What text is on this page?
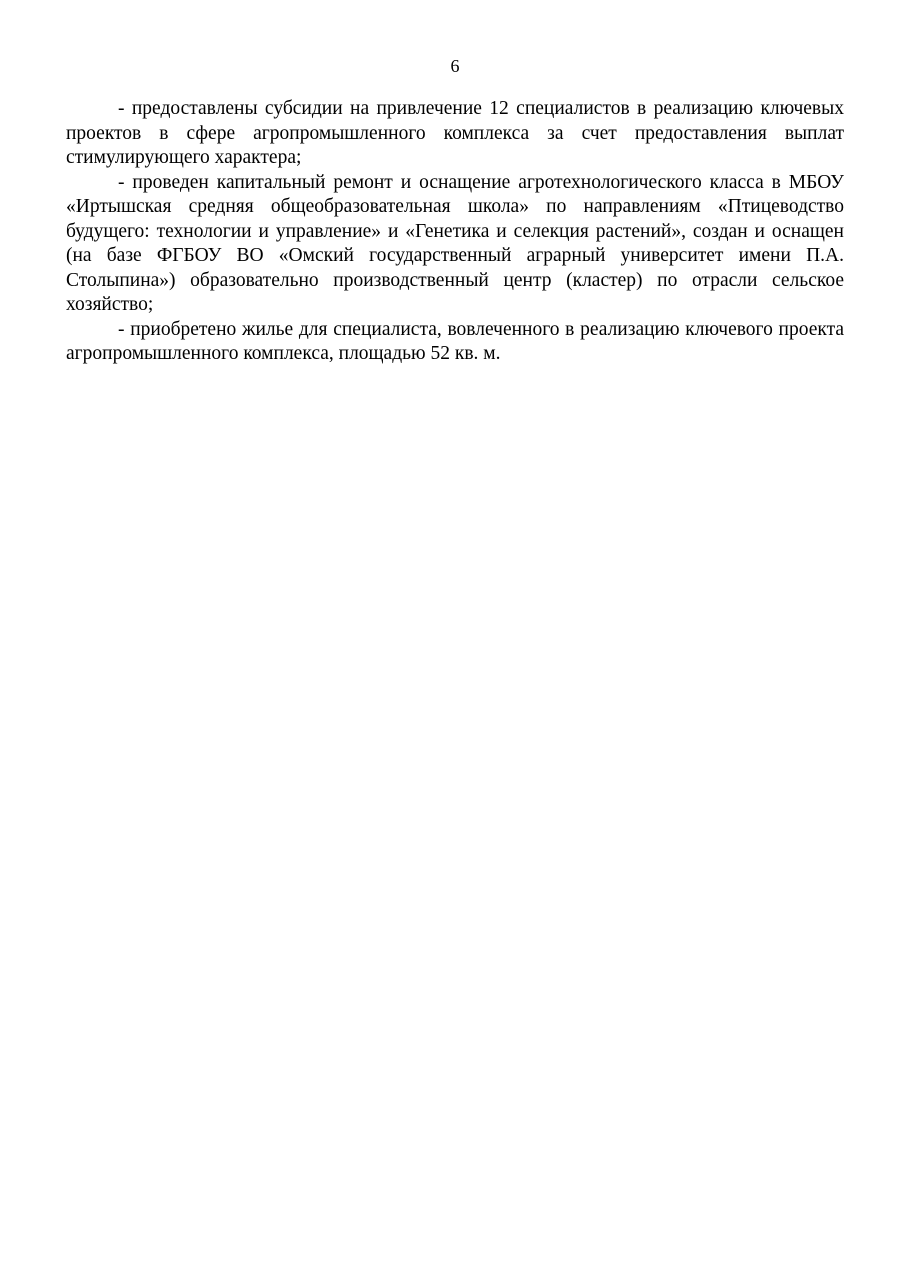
6

- предоставлены субсидии на привлечение 12 специалистов в реализацию ключевых проектов в сфере агропромышленного комплекса за счет предоставления выплат стимулирующего характера;

- проведен капитальный ремонт и оснащение агротехнологического класса в МБОУ «Иртышская средняя общеобразовательная школа» по направлениям «Птицеводство будущего: технологии и управление» и «Генетика и селекция растений», создан и оснащен (на базе ФГБОУ ВО «Омский государственный аграрный университет имени П.А. Столыпина») образовательно производственный центр (кластер) по отрасли сельское хозяйство;

- приобретено жилье для специалиста, вовлеченного в реализацию ключевого проекта агропромышленного комплекса, площадью 52 кв. м.
